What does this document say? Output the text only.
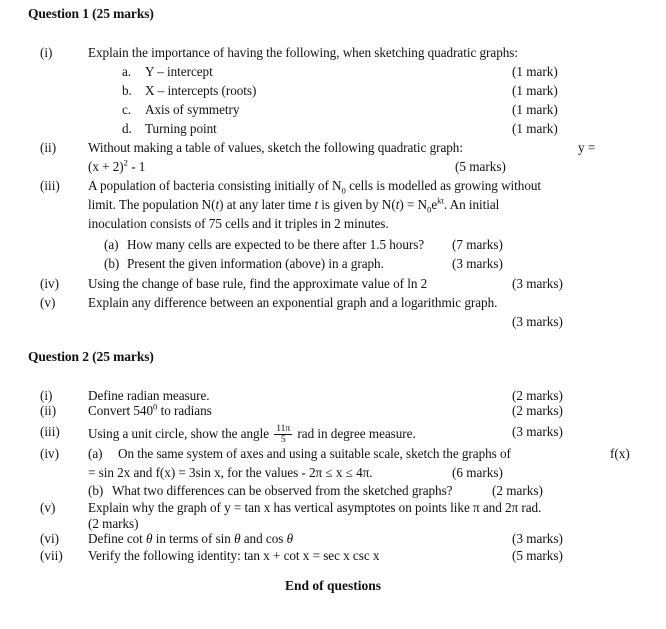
Question 1 (25 marks)
(i)	Explain the importance of having the following, when sketching quadratic graphs:
a. Y – intercept	(1 mark)
b. X – intercepts (roots)	(1 mark)
c. Axis of symmetry	(1 mark)
d. Turning point	(1 mark)
(ii)	Without making a table of values, sketch the following quadratic graph:	y =
$(x + 2)^2 - 1$	(5 marks)
(iii)	A population of bacteria consisting initially of $N_0$ cells is modelled as growing without
limit. The population N(t) at any later time t is given by $N(t) = N_0e^{kt}$. An initial
inoculation consists of 75 cells and it triples in 2 minutes.
(a) How many cells are expected to be there after 1.5 hours? (7 marks)
(b) Present the given information (above) in a graph.	(3 marks)
(iv)	Using the change of base rule, find the approximate value of ln 2	(3 marks)
(v)	Explain any difference between an exponential graph and a logarithmic graph.
(3 marks)
Question 2 (25 marks)
(i)	Define radian measure.	(2 marks)
(ii)	Convert $540^0$ to radians	(2 marks)
(iii)	Using a unit circle, show the angle $\frac{11\pi}{5}$ rad in degree measure.	(3 marks)
(iv)	(a) On the same system of axes and using a suitable scale, sketch the graphs of	f(x)
= sin 2x and f(x) = 3sin x, for the values - 2π ≤ x ≤ 4π.	(6 marks)
(b) What two differences can be observed from the sketched graphs?	(2 marks)
(v)	Explain why the graph of y = tan x has vertical asymptotes on points like π and 2π rad.
(2 marks)
(vi)	Define cot θ in terms of sin θ and cos θ	(3 marks)
(vii)	Verify the following identity: tan x + cot x = sec x csc x	(5 marks)
End of questions
